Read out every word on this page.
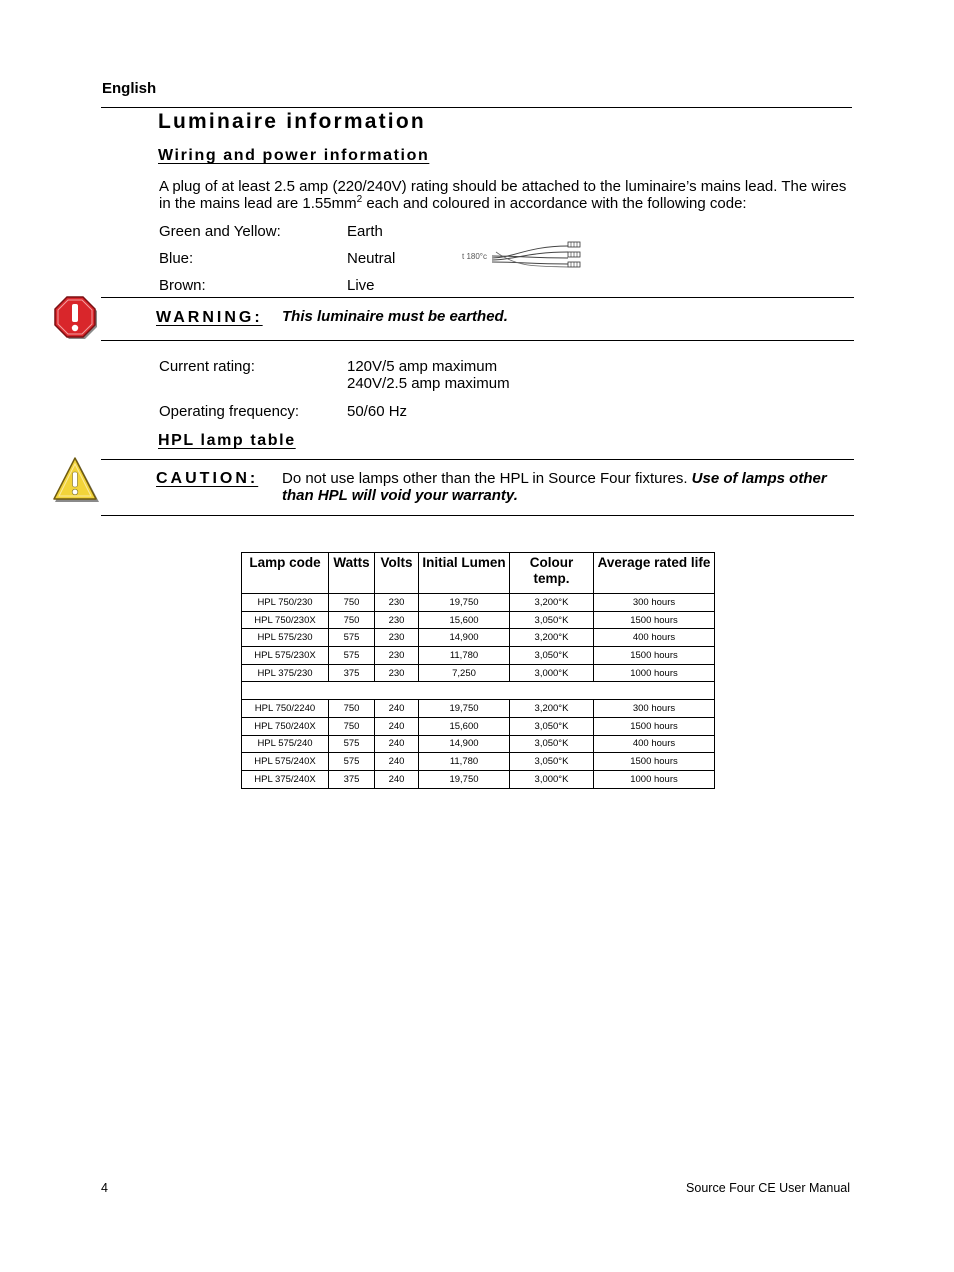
English
Luminaire information
Wiring and power information
A plug of at least 2.5 amp (220/240V) rating should be attached to the luminaire’s mains lead. The wires in the mains lead are $1.55mm^2$ each and coloured in accordance with the following code:
Green and Yellow:	Earth
Blue:	Neutral
Brown:	Live
t 180°c
WARNING: This luminaire must be earthed.
Current rating:	120V/5 amp maximum
240V/2.5 amp maximum
Operating frequency:	50/60 Hz
HPL lamp table
CAUTION: Do not use lamps other than the HPL in Source Four fixtures. Use of lamps other than HPL will void your warranty.
Lamp code	Watts	Volts	Initial Lumen	Colour temp.	Average rated life
HPL 750/230	750	230	19,750	3,200°K	300 hours
HPL 750/230X	750	230	15,600	3,050°K	1500 hours
HPL 575/230	575	230	14,900	3,200°K	400 hours
HPL 575/230X	575	230	11,780	3,050°K	1500 hours
HPL 375/230	375	230	7,250	3,000°K	1000 hours

HPL 750/2240	750	240	19,750	3,200°K	300 hours
HPL 750/240X	750	240	15,600	3,050°K	1500 hours
HPL 575/240	575	240	14,900	3,050°K	400 hours
HPL 575/240X	575	240	11,780	3,050°K	1500 hours
HPL 375/240X	375	240	19,750	3,000°K	1000 hours
4	Source Four CE User Manual
